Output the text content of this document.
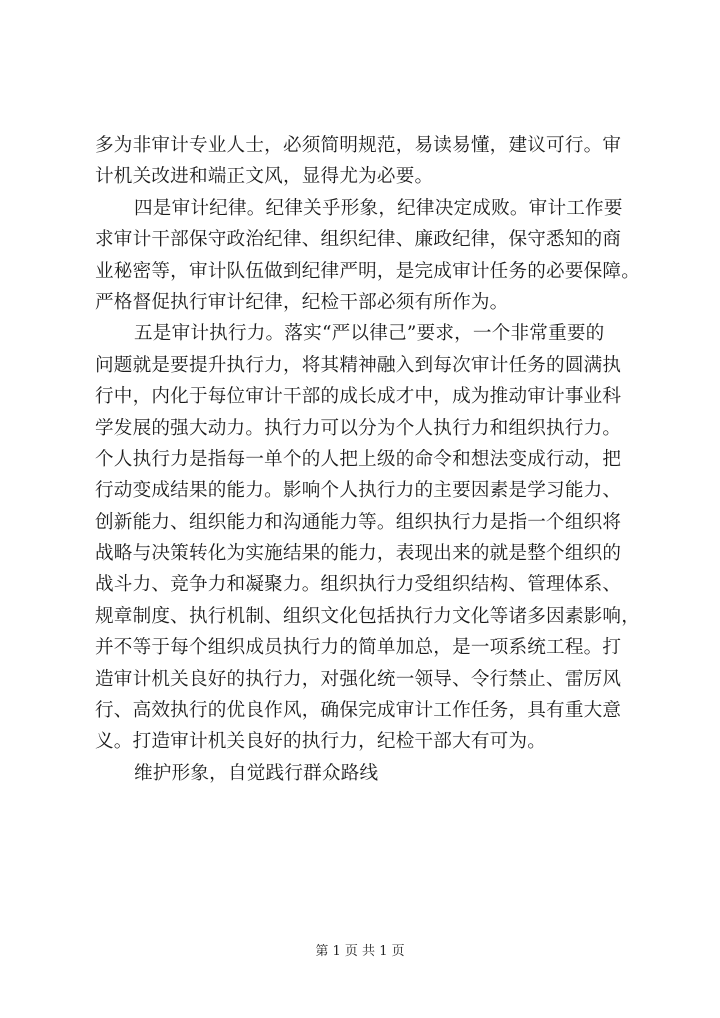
多为非审计专业人士，必须简明规范，易读易懂，建议可行。审
计机关改进和端正文风，显得尤为必要。
四是审计纪律。纪律关乎形象，纪律决定成败。审计工作要
求审计干部保守政治纪律、组织纪律、廉政纪律，保守悉知的商
业秘密等，审计队伍做到纪律严明，是完成审计任务的必要保障。
严格督促执行审计纪律，纪检干部必须有所作为。
五是审计执行力。落实“严以律己”要求，一个非常重要的
问题就是要提升执行力，将其精神融入到每次审计任务的圆满执
行中，内化于每位审计干部的成长成才中，成为推动审计事业科
学发展的强大动力。执行力可以分为个人执行力和组织执行力。
个人执行力是指每一单个的人把上级的命令和想法变成行动，把
行动变成结果的能力。影响个人执行力的主要因素是学习能力、
创新能力、组织能力和沟通能力等。组织执行力是指一个组织将
战略与决策转化为实施结果的能力，表现出来的就是整个组织的
战斗力、竞争力和凝聚力。组织执行力受组织结构、管理体系、
规章制度、执行机制、组织文化包括执行力文化等诸多因素影响，
并不等于每个组织成员执行力的简单加总，是一项系统工程。打
造审计机关良好的执行力，对强化统一领导、令行禁止、雷厉风
行、高效执行的优良作风，确保完成审计工作任务，具有重大意
义。打造审计机关良好的执行力，纪检干部大有可为。
维护形象，自觉践行群众路线
第 1 页 共 1 页
